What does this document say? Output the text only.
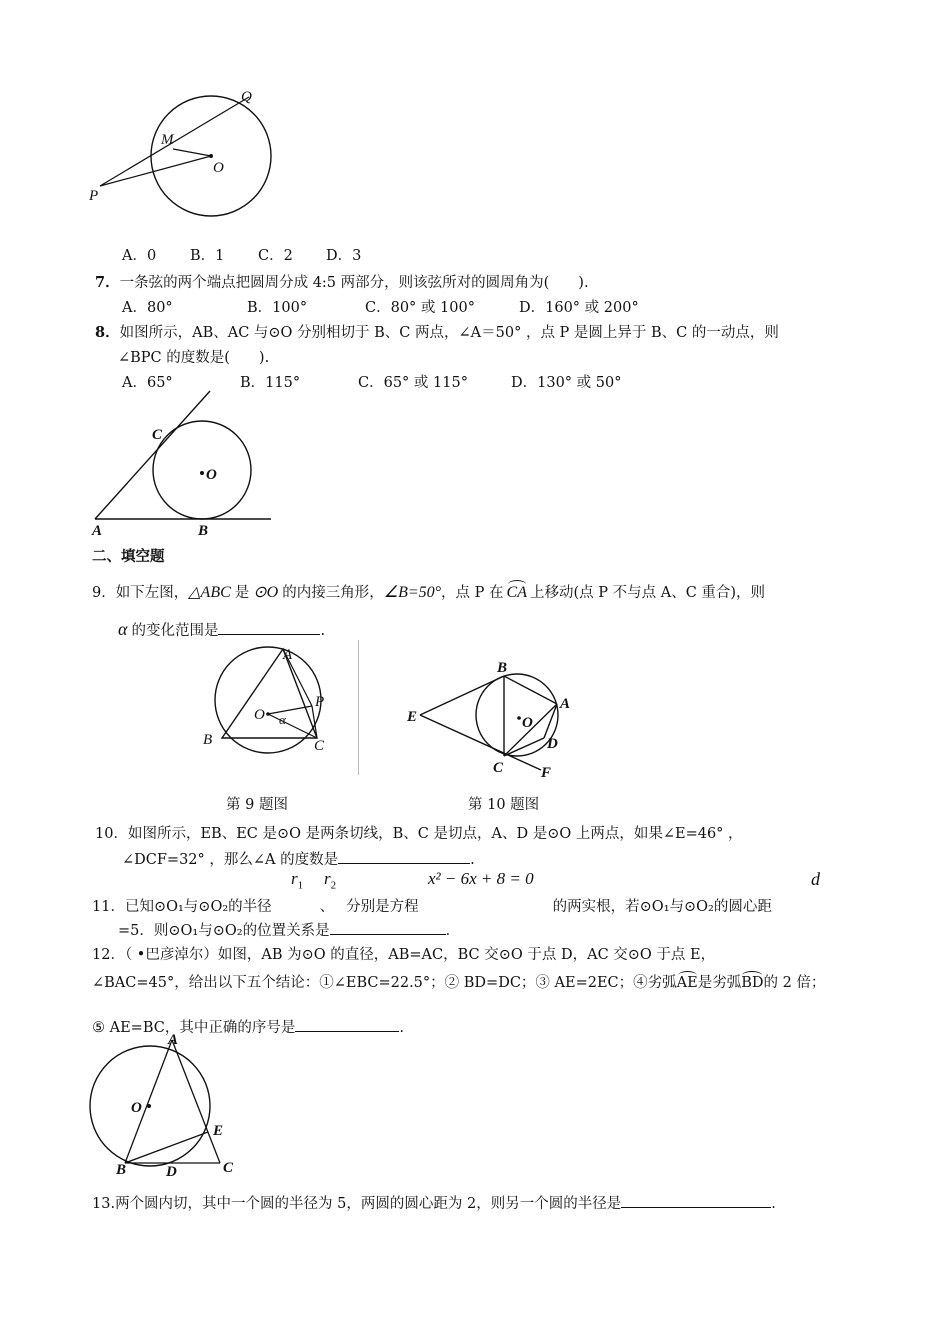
Q
M
O
P
A．0 B．1 C．2 D．3
7．一条弦的两个端点把圆周分成 4:5 两部分，则该弦所对的圆周角为(　　).
A．80°	B．100°	C．80° 或 100°	D．160° 或 200°
8．如图所示，AB、AC 与⊙O 分别相切于 B、C 两点，∠A＝50° ，点 P 是圆上异于 B、C 的一动点，则
∠BPC 的度数是(　　).
A．65°	B．115°	C．65° 或 115°	D．130° 或 50°
C
O
A	B
二、填空题
9．如下左图，△ABC 是 ⊙O 的内接三角形，∠B=50°，点 P 在 CA 上移动(点 P 不与点 A、C 重合)，则
α 的变化范围是	.
A
O α
P
B	C
B
A
E	O
D
C	F
第 9 题图	第 10 题图
10．如图所示，EB、EC 是⊙O 是两条切线，B、C 是切点，A、D 是⊙O 上两点，如果∠E=46° ，
∠DCF=32° ，那么∠A 的度数是	.
$r_1$ $r_2$	x² − 6x + 8 = 0	d
11．已知⊙O₁与⊙O₂的半径	、 分别是方程	的两实根，若⊙O₁与⊙O₂的圆心距
=5．则⊙O₁与⊙O₂的位置关系是	．
12．（ •巴彦淖尔）如图，AB 为⊙O 的直径，AB=AC，BC 交⊙O 于点 D，AC 交⊙O 于点 E，
∠BAC=45°，给出以下五个结论：①∠EBC=22.5°；② BD=DC；③ AE=2EC；④劣弧AE是劣弧BD的 2 倍；
⑤ AE=BC，其中正确的序号是	.
A
O
E
B	D	C
13.两个圆内切，其中一个圆的半径为 5，两圆的圆心距为 2，则另一个圆的半径是	.
